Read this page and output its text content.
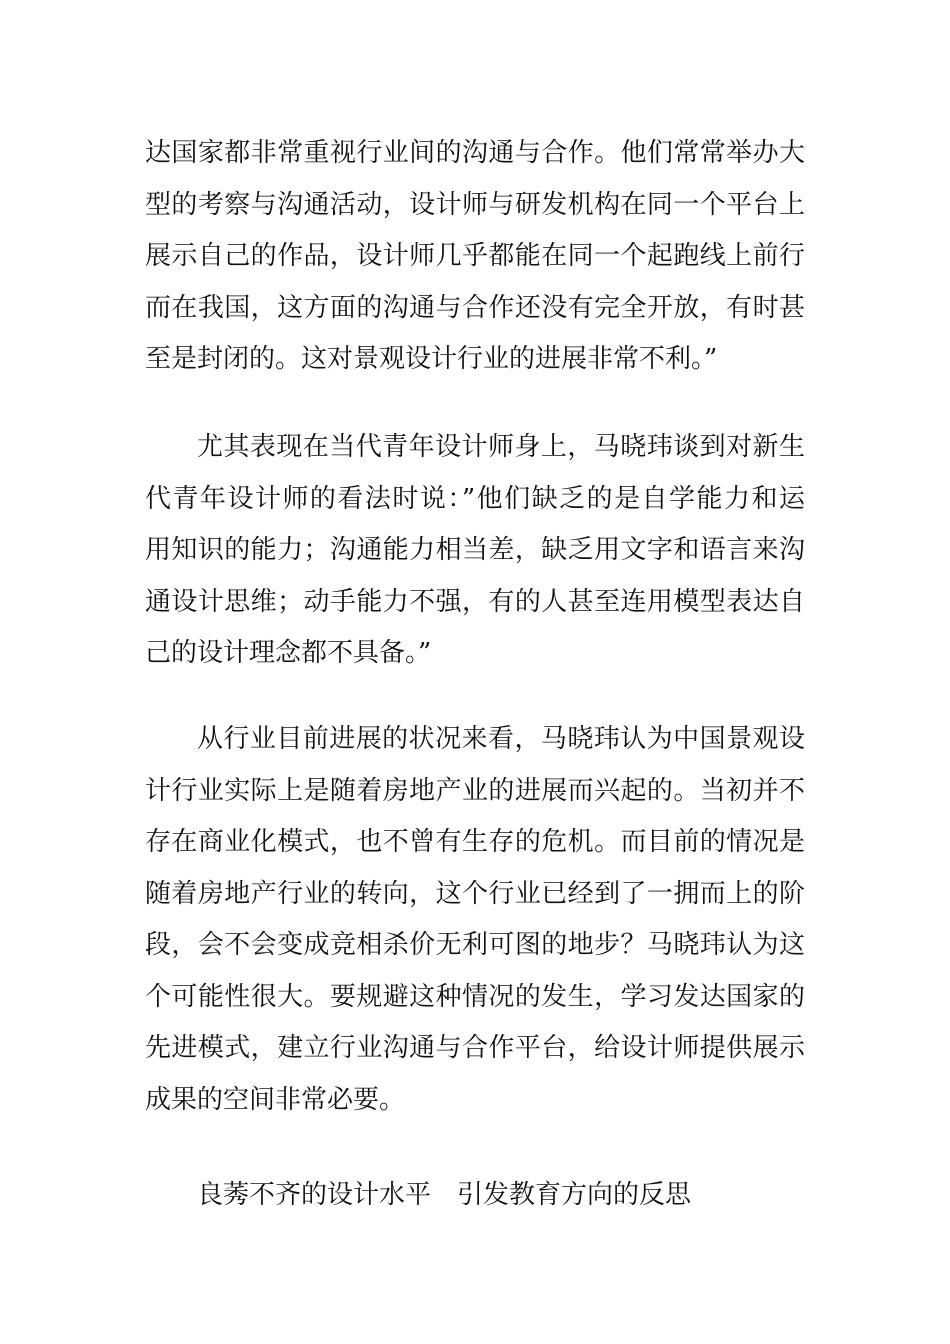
达国家都非常重视行业间的沟通与合作。他们常常举办大
型的考察与沟通活动，设计师与研发机构在同一个平台上
展示自己的作品，设计师几乎都能在同一个起跑线上前行
而在我国，这方面的沟通与合作还没有完全开放，有时甚
至是封闭的。这对景观设计行业的进展非常不利。”
尤其表现在当代青年设计师身上，马晓玮谈到对新生
代青年设计师的看法时说：”他们缺乏的是自学能力和运
用知识的能力；沟通能力相当差，缺乏用文字和语言来沟
通设计思维；动手能力不强，有的人甚至连用模型表达自
己的设计理念都不具备。”
从行业目前进展的状况来看，马晓玮认为中国景观设
计行业实际上是随着房地产业的进展而兴起的。当初并不
存在商业化模式，也不曾有生存的危机。而目前的情况是
随着房地产行业的转向，这个行业已经到了一拥而上的阶
段，会不会变成竞相杀价无利可图的地步？马晓玮认为这
个可能性很大。要规避这种情况的发生，学习发达国家的
先进模式，建立行业沟通与合作平台，给设计师提供展示
成果的空间非常必要。
良莠不齐的设计水平　引发教育方向的反思
